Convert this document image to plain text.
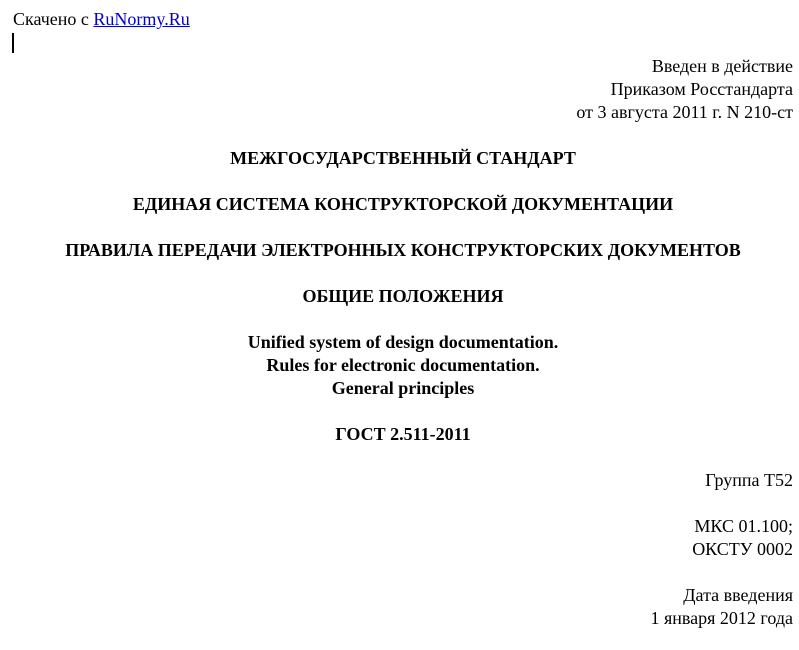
Скачено с RuNormy.Ru
Введен в действие
Приказом Росстандарта
от 3 августа 2011 г. N 210-ст
МЕЖГОСУДАРСТВЕННЫЙ СТАНДАРТ
ЕДИНАЯ СИСТЕМА КОНСТРУКТОРСКОЙ ДОКУМЕНТАЦИИ
ПРАВИЛА ПЕРЕДАЧИ ЭЛЕКТРОННЫХ КОНСТРУКТОРСКИХ ДОКУМЕНТОВ
ОБЩИЕ ПОЛОЖЕНИЯ
Unified system of design documentation.
Rules for electronic documentation.
General principles
ГОСТ 2.511-2011
Группа Т52
МКС 01.100;
ОКСТУ 0002
Дата введения
1 января 2012 года
